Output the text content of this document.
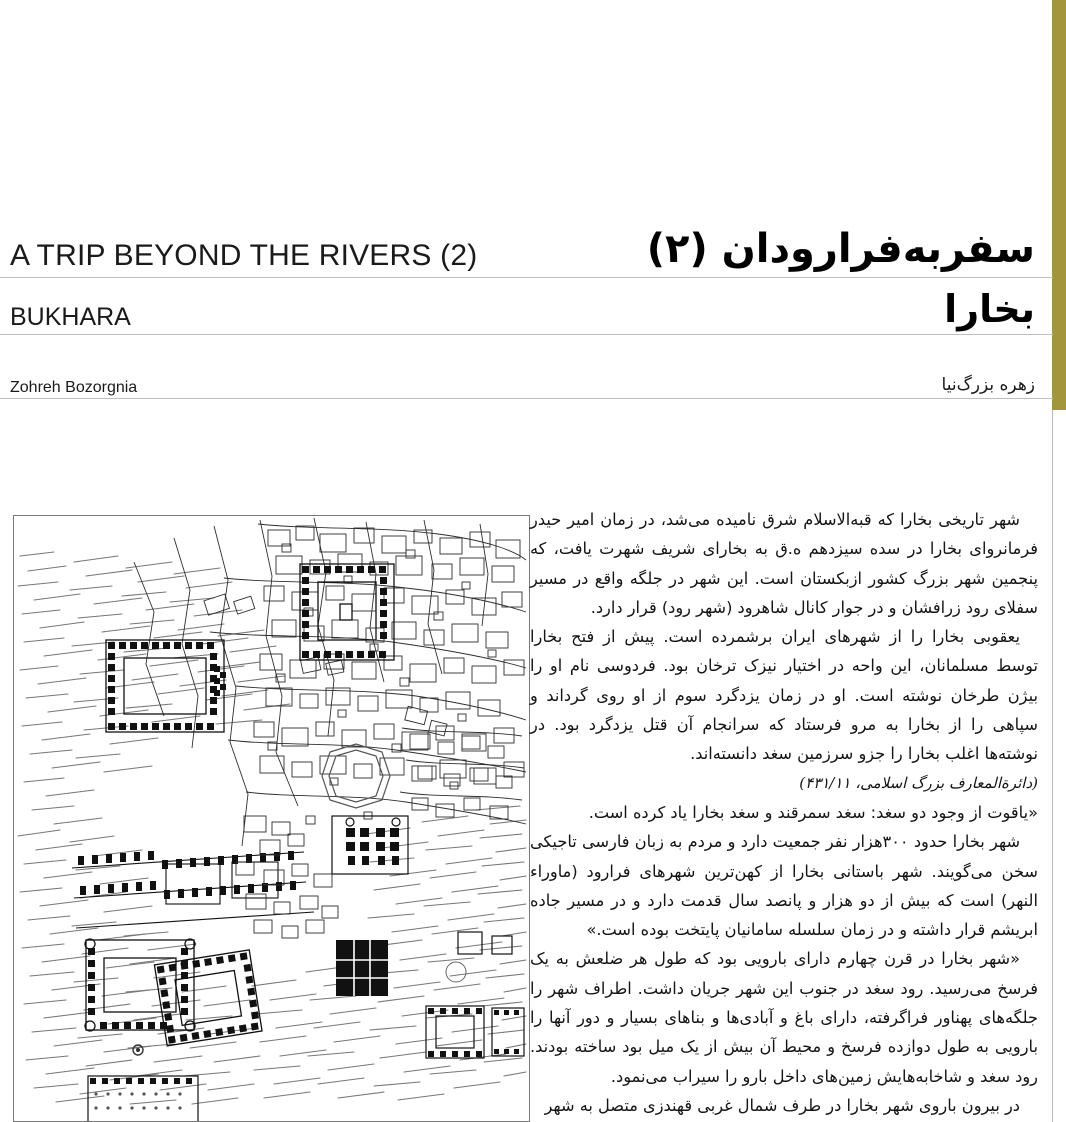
A TRIP BEYOND THE RIVERS (2)
BUKHARA
Zohreh Bozorgnia
سفر‌به‌فرارودان (۲)
بخارا
زهره بزرگ‌نیا

شهر تاریخی بخارا که قبه‌الاسلام شرق نامیده می‌شد، در زمان امیر حیدر فرمانروای بخارا در سده سیزدهم ه.ق به بخارای شریف شهرت یافت، که پنجمین شهر بزرگ کشور ازبکستان است. این شهر در جلگه واقع در مسیر سفلای رود زرافشان و در جوار کانال شاهرود (شهر رود) قرار دارد.

یعقوبی بخارا را از شهرهای ایران برشمرده است. پیش از فتح بخارا توسط مسلمانان، این واحه در اختیار نیزک ترخان بود. فردوسی نام او را بیژن طرخان نوشته است. او در زمان یزدگرد سوم از او روی گرداند و سپاهی را از بخارا به مرو فرستاد که سرانجام آن قتل یزدگرد بود. در نوشته‌ها اغلب بخارا را جزو سرزمین سغد دانسته‌اند.

(دائرة‌المعارف بزرگ اسلامی، ۴۳۱/۱۱)

«یاقوت از وجود دو سغد: سغد سمرقند و سغد بخارا یاد کرده است.

شهر بخارا حدود ۳۰۰هزار نفر جمعیت دارد و مردم به زبان فارسی تاجیکی سخن می‌گویند. شهر باستانی بخارا از کهن‌ترین شهرهای فرارود (ماوراء النهر) است که بیش از دو هزار و پانصد سال قدمت دارد و در مسیر جاده ابریشم قرار داشته و در زمان سلسله سامانیان پایتخت بوده است.»

«شهر بخارا در قرن چهارم دارای بارویی بود که طول هر ضلعش به یک فرسخ می‌رسید. رود سغد در جنوب این شهر جریان داشت. اطراف شهر را جلگه‌های پهناور فراگرفته، دارای باغ و آبادی‌ها و بناهای بسیار و دور آنها را بارویی به طول دوازده فرسخ و محیط آن بیش از یک میل بود ساخته بودند. رود سغد و شاخابه‌هایش زمین‌های داخل بارو را سیراب می‌نمود.

در بیرون باروی شهر بخارا در طرف شمال غربی قهندزی متصل به شهر
